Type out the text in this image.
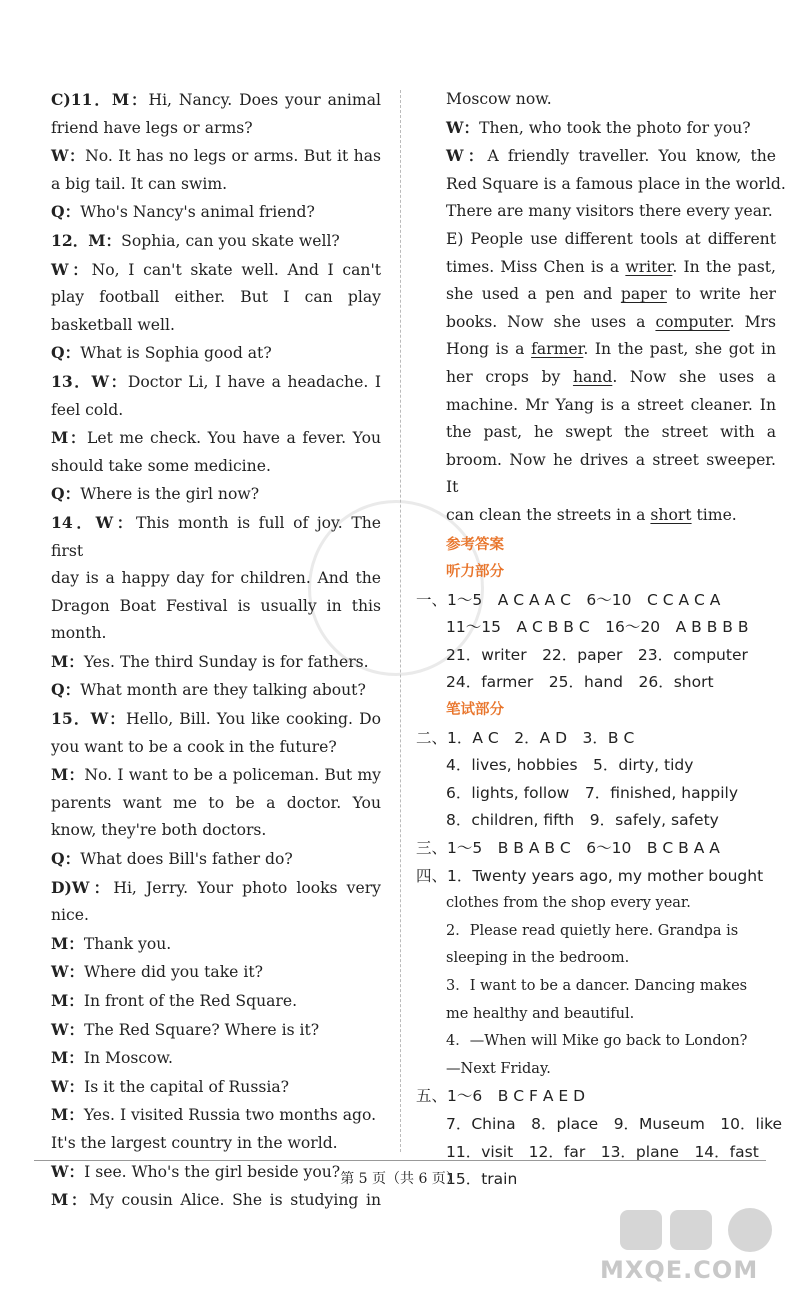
C)11．M：Hi, Nancy. Does your animal
friend have legs or arms?
W：No. It has no legs or arms. But it has
a big tail. It can swim.
Q：Who's Nancy's animal friend?
12．M：Sophia, can you skate well?
W：No, I can't skate well. And I can't
play football either. But I can play
basketball well.
Q：What is Sophia good at?
13．W：Doctor Li, I have a headache. I
feel cold.
M：Let me check. You have a fever. You
should take some medicine.
Q：Where is the girl now?
14．W：This month is full of joy. The first
day is a happy day for children. And the
Dragon Boat Festival is usually in this
month.
M：Yes. The third Sunday is for fathers.
Q：What month are they talking about?
15．W：Hello, Bill. You like cooking. Do
you want to be a cook in the future?
M：No. I want to be a policeman. But my
parents want me to be a doctor. You
know, they're both doctors.
Q：What does Bill's father do?
D)W：Hi, Jerry. Your photo looks very
nice.
M：Thank you.
W：Where did you take it?
M：In front of the Red Square.
W：The Red Square? Where is it?
M：In Moscow.
W：Is it the capital of Russia?
M：Yes. I visited Russia two months ago.
It's the largest country in the world.
W：I see. Who's the girl beside you?
M：My cousin Alice. She is studying in
Moscow now.
W：Then, who took the photo for you?
W：A friendly traveller. You know, the
Red Square is a famous place in the world.
There are many visitors there every year.
E) People use different tools at different
times. Miss Chen is a writer. In the past,
she used a pen and paper to write her
books. Now she uses a computer. Mrs
Hong is a farmer. In the past, she got in
her crops by hand. Now she uses a
machine. Mr Yang is a street cleaner. In
the past, he swept the street with a
broom. Now he drives a street sweeper. It
can clean the streets in a short time.
参考答案
听力部分
一、1～5　A C A A C　6～10　C C A C A
11～15　A C B B C　16～20　A B B B B
21．writer　22．paper　23．computer
24．farmer　25．hand　26．short
笔试部分
二、1．A C　2．A D　3．B C
4．lives, hobbies　5．dirty, tidy
6．lights, follow　7．finished, happily
8．children, fifth　9．safely, safety
三、1～5　B B A B C　6～10　B C B A A
四、1．Twenty years ago, my mother bought
clothes from the shop every year.
2．Please read quietly here. Grandpa is
sleeping in the bedroom.
3．I want to be a dancer. Dancing makes
me healthy and beautiful.
4．—When will Mike go back to London?
—Next Friday.
五、1～6　B C F A E D
7．China　8．place　9．Museum　10．like
11．visit　12．far　13．plane　14．fast
15．train
第 5 页（共 6 页）
MXQE.COM
